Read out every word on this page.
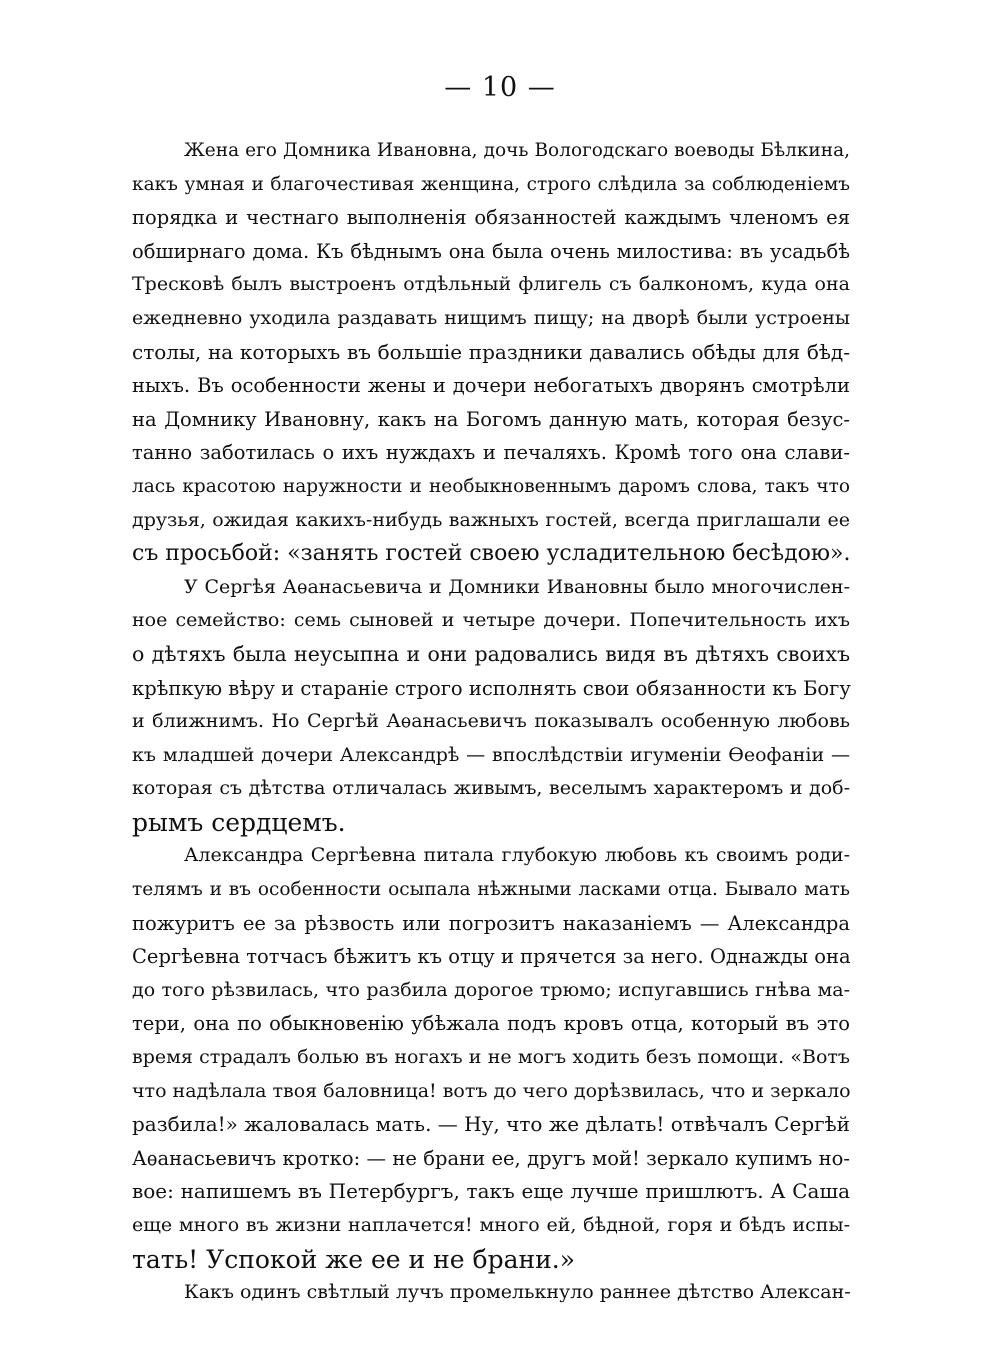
— 10 —
Жена его Домника Ивановна, дочь Вологодскаго воеводы Бѣлкина,
какъ умная и благочестивая женщина, строго слѣдила за соблюденіемъ
порядка и честнаго выполненія обязанностей каждымъ членомъ ея
обширнаго дома. Къ бѣднымъ она была очень милостива: въ усадьбѣ
Тресковѣ былъ выстроенъ отдѣльный флигель съ балкономъ, куда она
ежедневно уходила раздавать нищимъ пищу; на дворѣ были устроены
столы, на которыхъ въ большіе праздники давались обѣды для бѣд-
ныхъ. Въ особенности жены и дочери небогатыхъ дворянъ смотрѣли
на Домнику Ивановну, какъ на Богомъ данную мать, которая безус-
танно заботилась о ихъ нуждахъ и печаляхъ. Кромѣ того она слави-
лась красотою наружности и необыкновеннымъ даромъ слова, такъ что
друзья, ожидая какихъ-нибудь важныхъ гостей, всегда приглашали ее
съ просьбой: «занять гостей своею усладительною бесѣдою».
У Сергѣя Аѳанасьевича и Домники Ивановны было многочислен-
ное семейство: семь сыновей и четыре дочери. Попечительность ихъ
о дѣтяхъ была неусыпна и они радовались видя въ дѣтяхъ своихъ
крѣпкую вѣру и стараніе строго исполнять свои обязанности къ Богу
и ближнимъ. Но Сергѣй Аѳанасьевичъ показывалъ особенную любовь
къ младшей дочери Александрѣ — впослѣдствіи игуменіи Ѳеофаніи —
которая съ дѣтства отличалась живымъ, веселымъ характеромъ и доб-
рымъ сердцемъ.
Александра Сергѣевна питала глубокую любовь къ своимъ роди-
телямъ и въ особенности осыпала нѣжными ласками отца. Бывало мать
пожуритъ ее за рѣзвость или погрозитъ наказаніемъ — Александра
Сергѣевна тотчасъ бѣжитъ къ отцу и прячется за него. Однажды она
до того рѣзвилась, что разбила дорогое трюмо; испугавшись гнѣва ма-
тери, она по обыкновенію убѣжала подъ кровъ отца, который въ это
время страдалъ болью въ ногахъ и не могъ ходить безъ помощи. «Вотъ
что надѣлала твоя баловница! вотъ до чего дорѣзвилась, что и зеркало
разбила!» жаловалась мать. — Ну, что же дѣлать! отвѣчалъ Сергѣй
Аѳанасьевичъ кротко: — не брани ее, другъ мой! зеркало купимъ но-
вое: напишемъ въ Петербургъ, такъ еще лучше пришлютъ. А Саша
еще много въ жизни наплачется! много ей, бѣдной, горя и бѣдъ испы-
тать! Успокой же ее и не брани.»
Какъ одинъ свѣтлый лучъ промелькнуло раннее дѣтство Алексан-
